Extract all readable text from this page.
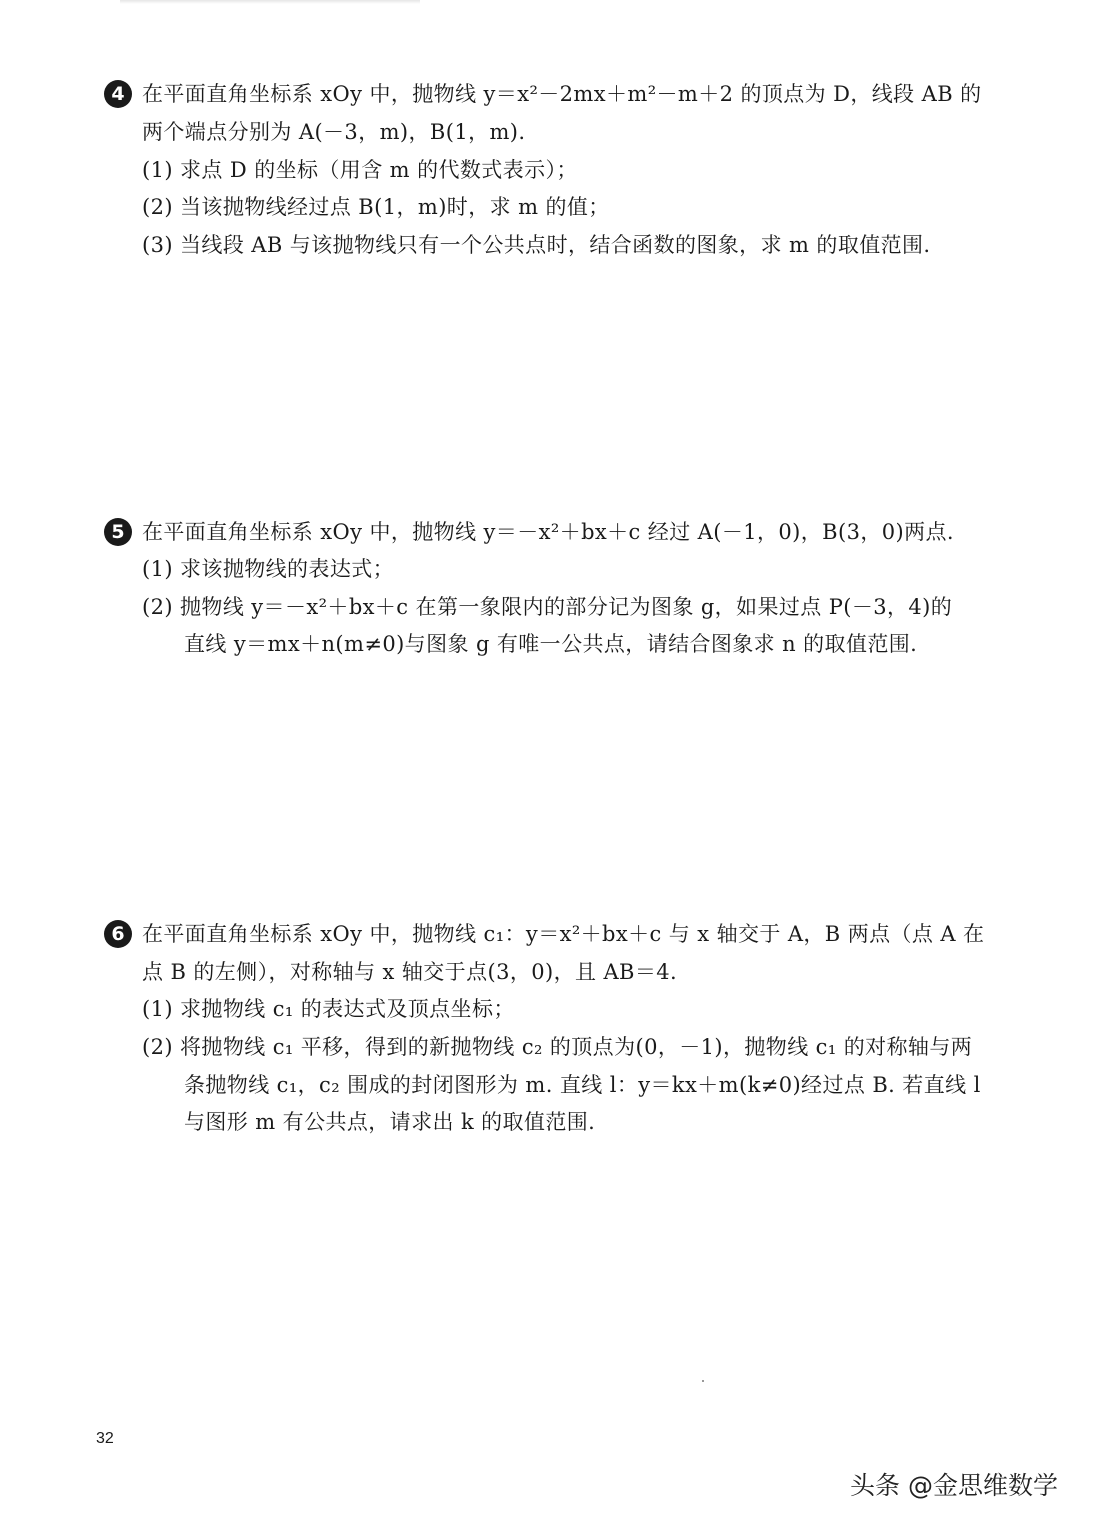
4 在平面直角坐标系 xOy 中，抛物线 y＝x²－2mx＋m²－m＋2 的顶点为 D，线段 AB 的
两个端点分别为 A(－3，m)，B(1，m).
(1) 求点 D 的坐标（用含 m 的代数式表示）；
(2) 当该抛物线经过点 B(1，m)时，求 m 的值；
(3) 当线段 AB 与该抛物线只有一个公共点时，结合函数的图象，求 m 的取值范围.
5 在平面直角坐标系 xOy 中，抛物线 y＝－x²＋bx＋c 经过 A(－1，0)，B(3，0)两点.
(1) 求该抛物线的表达式；
(2) 抛物线 y＝－x²＋bx＋c 在第一象限内的部分记为图象 g，如果过点 P(－3，4)的
直线 y＝mx＋n(m≠0)与图象 g 有唯一公共点，请结合图象求 n 的取值范围.
6 在平面直角坐标系 xOy 中，抛物线 c₁：y＝x²＋bx＋c 与 x 轴交于 A，B 两点（点 A 在
点 B 的左侧），对称轴与 x 轴交于点(3，0)，且 AB＝4.
(1) 求抛物线 c₁ 的表达式及顶点坐标；
(2) 将抛物线 c₁ 平移，得到的新抛物线 c₂ 的顶点为(0，－1)，抛物线 c₁ 的对称轴与两
条抛物线 c₁，c₂ 围成的封闭图形为 m. 直线 l：y＝kx＋m(k≠0)经过点 B. 若直线 l
与图形 m 有公共点，请求出 k 的取值范围.
32
头条 @金思维数学
